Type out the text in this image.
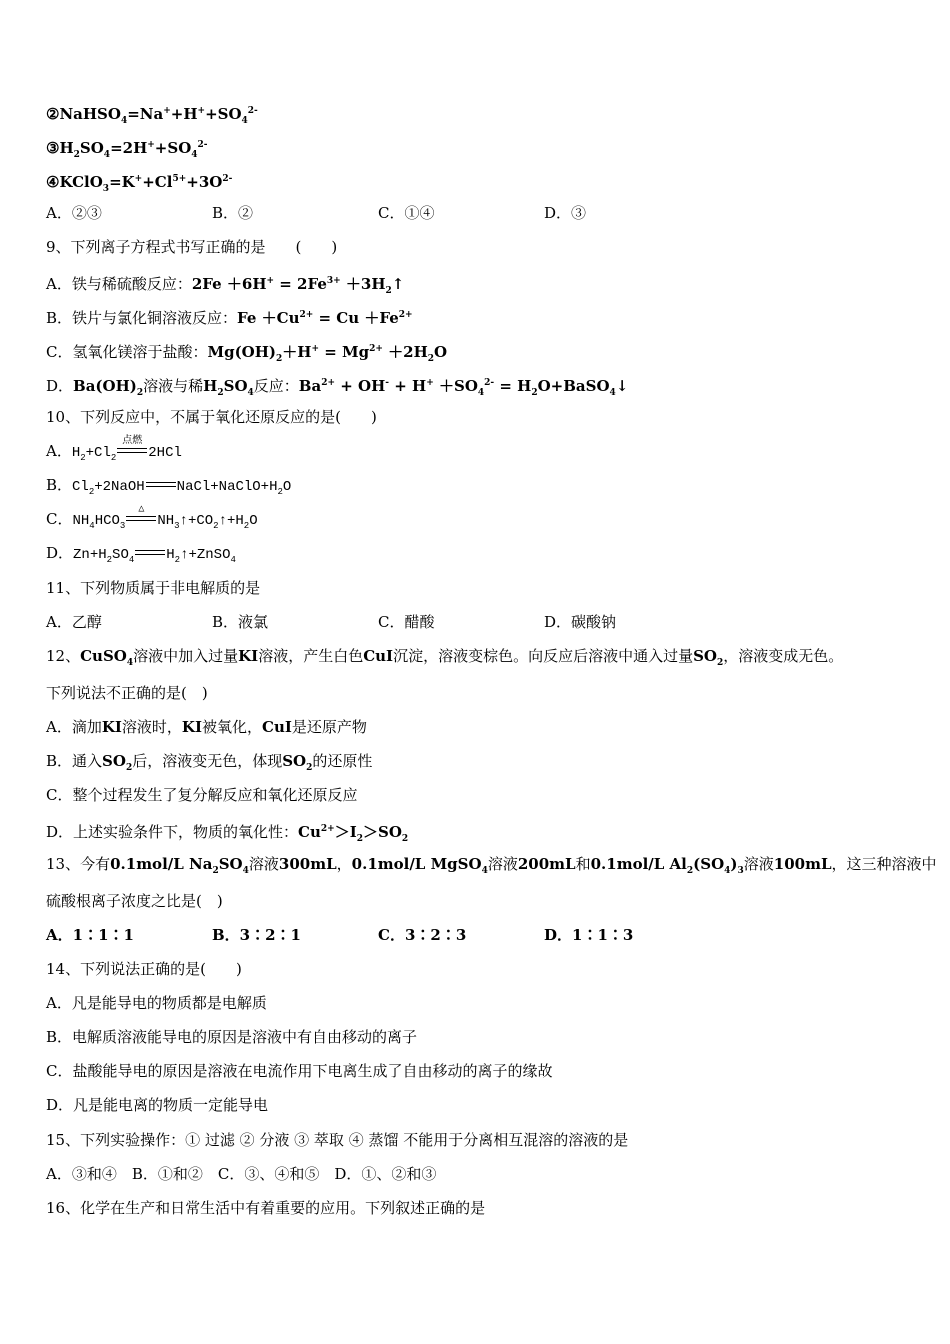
$②NaHSO_4=Na^++H^++SO_4^{2-}$
$③H_2SO_4=2H^++SO_4^{2-}$
$④KClO_3=K^++Cl^{5+}+3O^{2-}$
A．②③	B．②	C．①④	D．③
9、下列离子方程式书写正确的是　　(　　)
A．铁与稀硫酸反应：$2Fe +6H^+ = 2Fe^{3+}$ $+3H_2↑$
B．铁片与氯化铜溶液反应：$Fe +Cu^{2+} = Cu +Fe^{2+}$
C．氢氧化镁溶于盐酸：$Mg(OH)_2+H^+ = Mg^{2+} +2H_2O$
D．$Ba(OH)_2$溶液与稀$H_2SO_4$反应：$Ba^{2+} + OH^- + H^+ +SO_4^{2-}$ = $H_2O+BaSO_4↓$
10、下列反应中，不属于氧化还原反应的是(　　)
A．$H_2+Cl_2$
点燃
2HCl
B．$Cl_2+2NaOH$ $NaCl+NaClO+H_2O$
C．$NH_4HCO_3$
△
$NH_3↑+CO_2↑+H_2O$
D．$Zn+H_2SO_4$ $H_2↑+ZnSO_4$
11、下列物质属于非电解质的是
A．乙醇	B．液氯	C．醋酸	D．碳酸钠
12、CuSO$_4$溶液中加入过量KI溶液，产生白色CuI沉淀，溶液变棕色。向反应后溶液中通入过量$SO_2$，溶液变成无色。
下列说法不正确的是(　)
A．滴加KI溶液时，KI被氧化，CuI是还原产物
B．通入$SO_2$后，溶液变无色，体现$SO_2$的还原性
C．整个过程发生了复分解反应和氧化还原反应
D．上述实验条件下，物质的氧化性：$Cu^{2+}>I_2>SO_2$
13、今有0.1mol/L $Na_2SO_4$溶液300mL，0.1mol/L MgSO$_4$溶液200mL和0.1mol/L $Al_2(SO_4)_3$溶液100mL，这三种溶液中
硫酸根离子浓度之比是(　)
A．1∶1∶1	B．3∶2∶1	C．3∶2∶3	D．1∶1∶3
14、下列说法正确的是(　　)
A．凡是能导电的物质都是电解质
B．电解质溶液能导电的原因是溶液中有自由移动的离子
C．盐酸能导电的原因是溶液在电流作用下电离生成了自由移动的离子的缘故
D．凡是能电离的物质一定能导电
15、下列实验操作：① 过滤 ② 分液 ③ 萃取 ④ 蒸馏 不能用于分离相互混溶的溶液的是
A．③和④　B．①和②　C．③、④和⑤　D．①、②和③
16、化学在生产和日常生活中有着重要的应用。下列叙述正确的是
